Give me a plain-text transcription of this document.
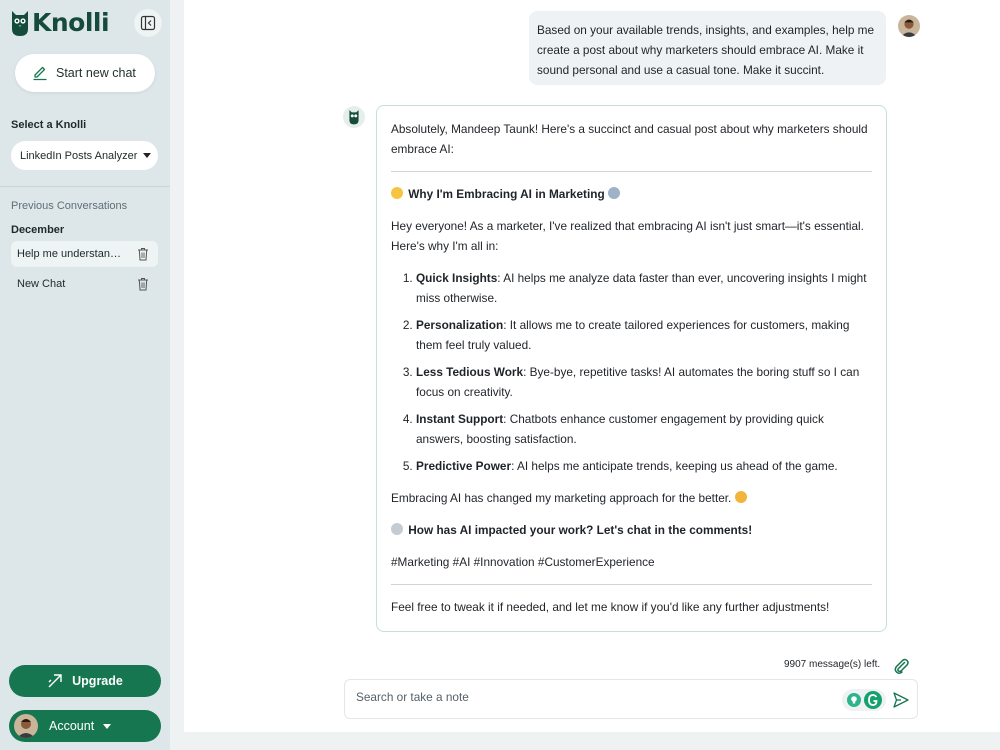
Knolli
Start new chat
Select a Knolli
LinkedIn Posts Analyzer
Previous Conversations
December
Help me understan…
New Chat
Upgrade
Account
Based on your available trends, insights, and examples, help me create a post about why marketers should embrace AI. Make it sound personal and use a casual tone. Make it succint.

Absolutely, Mandeep Taunk! Here's a succinct and casual post about why marketers should embrace AI:

Why I'm Embracing AI in Marketing

Hey everyone! As a marketer, I've realized that embracing AI isn't just smart—it's essential. Here's why I'm all in:

1. Quick Insights: AI helps me analyze data faster than ever, uncovering insights I might miss otherwise.
2. Personalization: It allows me to create tailored experiences for customers, making them feel truly valued.
3. Less Tedious Work: Bye-bye, repetitive tasks! AI automates the boring stuff so I can focus on creativity.
4. Instant Support: Chatbots enhance customer engagement by providing quick answers, boosting satisfaction.
5. Predictive Power: AI helps me anticipate trends, keeping us ahead of the game.

Embracing AI has changed my marketing approach for the better.

How has AI impacted your work? Let's chat in the comments!

#Marketing #AI #Innovation #CustomerExperience

Feel free to tweak it if needed, and let me know if you'd like any further adjustments!

9907 message(s) left.
Search or take a note
